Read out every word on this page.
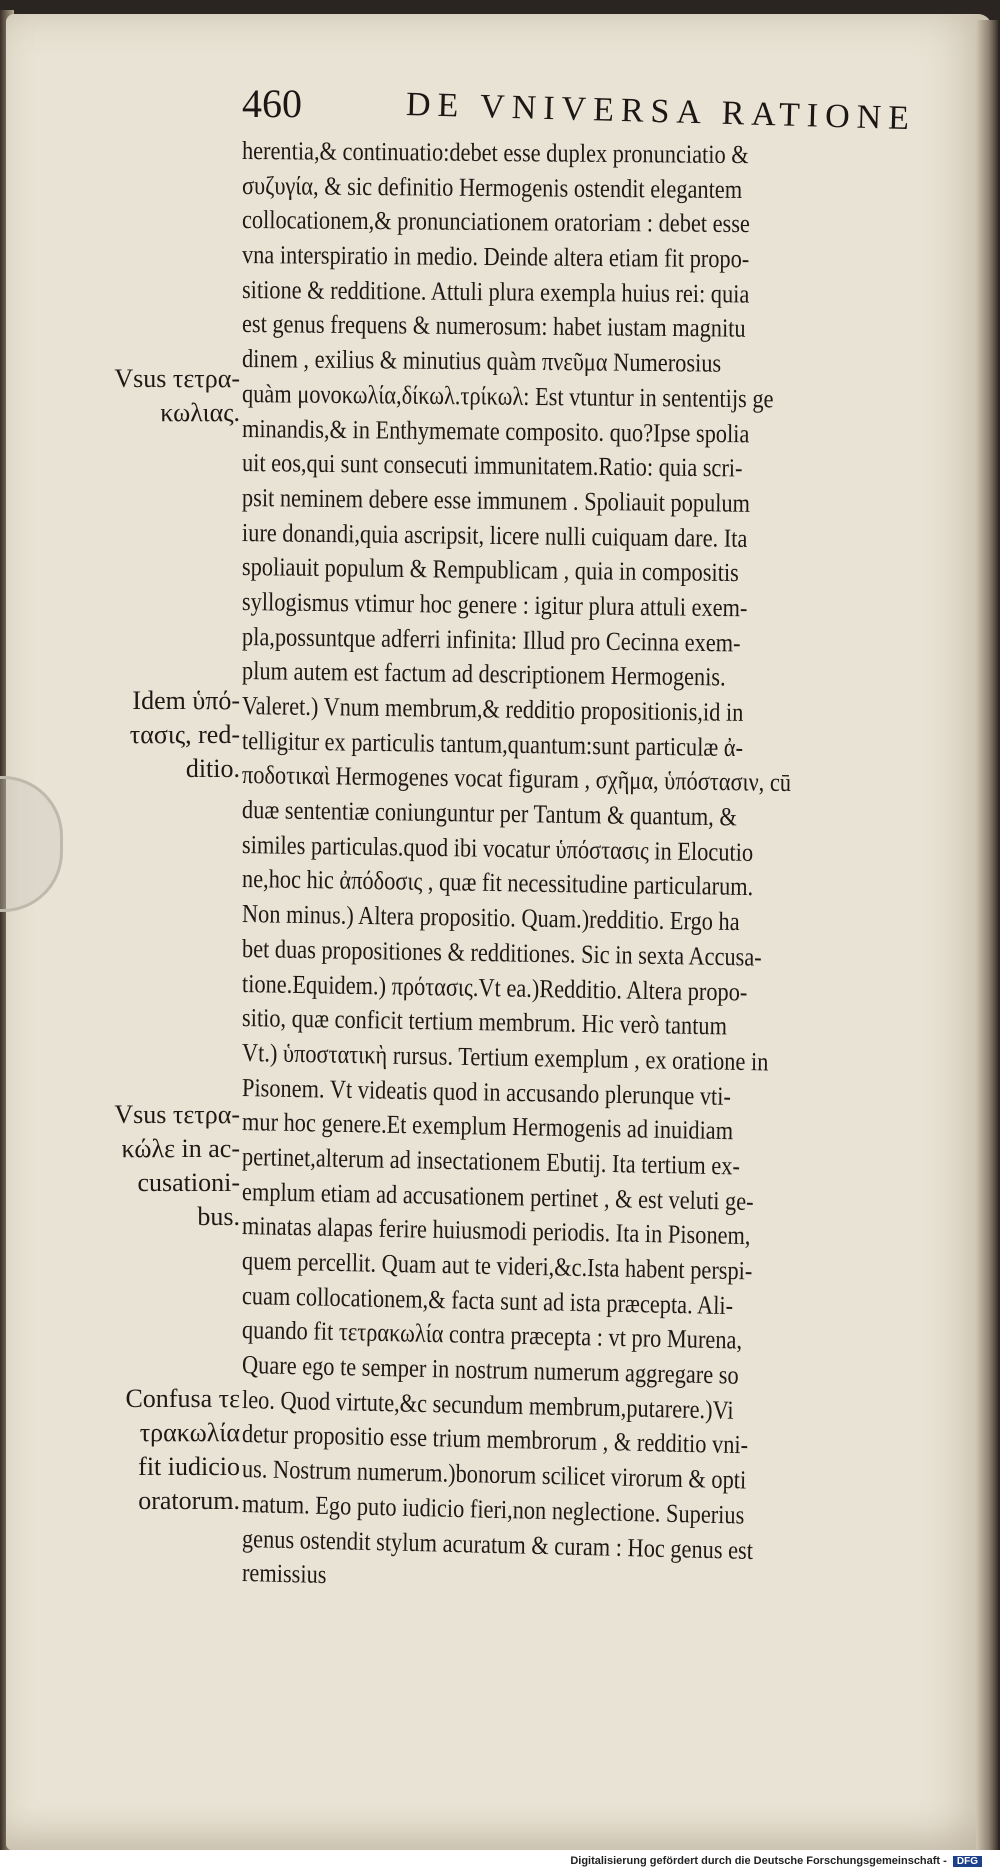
460	DE VNIVERSA RATIONE
herentia,& continuatio:debet esse duplex pronunciatio &
συζυγία, & sic definitio Hermogenis ostendit elegantem
collocationem,& pronunciationem oratoriam : debet esse
vna interspiratio in medio. Deinde altera etiam fit propo-
sitione & redditione. Attuli plura exempla huius rei: quia
est genus frequens & numerosum: habet iustam magnitu
dinem , exilius & minutius quàm πνεῦμα Numerosius
quàm μονοκωλία,δίκωλ.τρίκωλ: Est vtuntur in sententijs ge
minandis,& in Enthymemate composito. quo?Ipse spolia
uit eos,qui sunt consecuti immunitatem.Ratio: quia scri-
psit neminem debere esse immunem . Spoliauit populum
iure donandi,quia ascripsit, licere nulli cuiquam dare. Ita
spoliauit populum & Rempublicam , quia in compositis
syllogismus vtimur hoc genere : igitur plura attuli exem-
pla,possuntque adferri infinita: Illud pro Cecinna exem-
plum autem est factum ad descriptionem Hermogenis.
Valeret.) Vnum membrum,& redditio propositionis,id in
telligitur ex particulis tantum,quantum:sunt particulæ ἀ-
ποδοτικαὶ Hermogenes vocat figuram , σχῆμα, ὑπόστασιν, cū
duæ sententiæ coniunguntur per Tantum & quantum, &
similes particulas.quod ibi vocatur ὑπόστασις in Elocutio
ne,hoc hic ἀπόδοσις , quæ fit necessitudine particularum.
Non minus.) Altera propositio. Quam.)redditio. Ergo ha
bet duas propositiones & redditiones. Sic in sexta Accusa-
tione.Equidem.) πρότασις.Vt ea.)Redditio. Altera propo-
sitio, quæ conficit tertium membrum. Hic verò tantum
Vt.) ὑποστατικὴ rursus. Tertium exemplum , ex oratione in
Pisonem. Vt videatis quod in accusando plerunque vti-
mur hoc genere.Et exemplum Hermogenis ad inuidiam
pertinet,alterum ad insectationem Ebutij. Ita tertium ex-
emplum etiam ad accusationem pertinet , & est veluti ge-
minatas alapas ferire huiusmodi periodis. Ita in Pisonem,
quem percellit. Quam aut te videri,&c.Ista habent perspi-
cuam collocationem,& facta sunt ad ista præcepta. Ali-
quando fit τετρακωλία contra præcepta : vt pro Murena,
Quare ego te semper in nostrum numerum aggregare so
leo. Quod virtute,&c secundum membrum,putarere.)Vi
detur propositio esse trium membrorum , & redditio vni-
us. Nostrum numerum.)bonorum scilicet virorum & opti
matum. Ego puto iudicio fieri,non neglectione. Superius
genus ostendit stylum acuratum & curam : Hoc genus est
remissius
Vsus τετρα-
κωλιας.
Idem ὑπό-
τασις, red-
ditio.
Vsus τετρα-
κώλε in ac-
cusationi-
bus.
Confusa τε
τρακωλία
fit iudicio
oratorum.
Digitalisierung gefördert durch die Deutsche Forschungsgemeinschaft - DFG
